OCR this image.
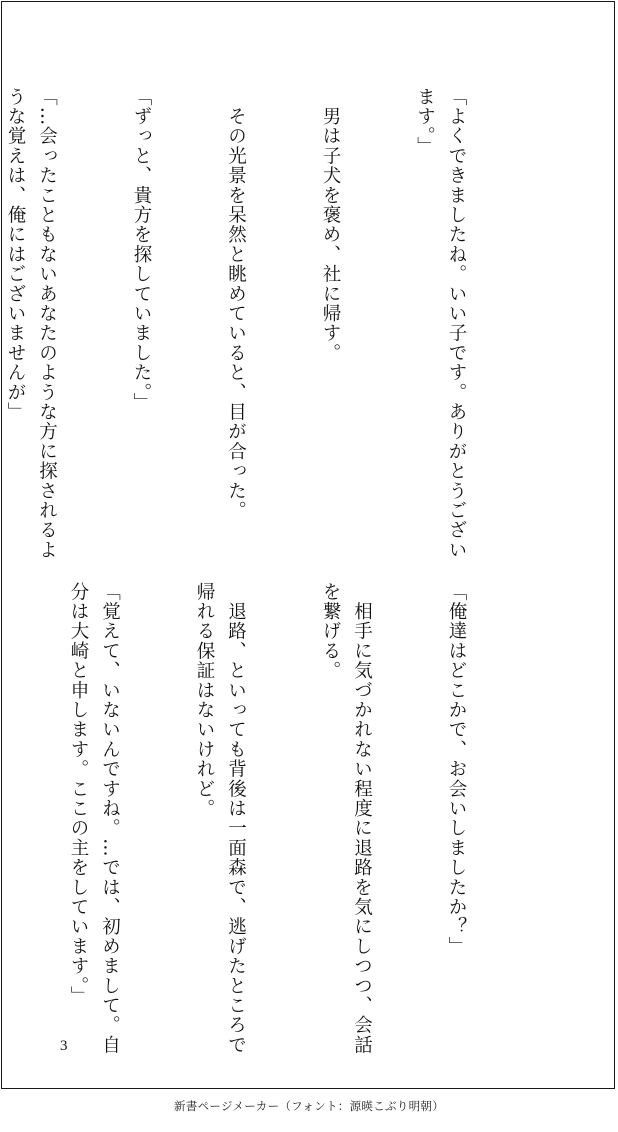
「よくできましたね。いい子です。ありがとうござい
ます。」

　男は子犬を褒め、社に帰す。

　その光景を呆然と眺めていると、目が合った。

「ずっと、貴方を探していました。」

「…会ったこともないあなたのような方に探されるよ
うな覚えは、俺にはございませんが」

「俺達はどこかで、お会いしましたか？」

　相手に気づかれない程度に退路を気にしつつ、会話
を繋げる。

　退路、といっても背後は一面森で、逃げたところで
帰れる保証はないけれど。

「覚えて、いないんですね。…では、初めまして。自
分は大崎と申します。ここの主をしています。」

3
新書ページメーカー（フォント：源暎こぶり明朝）
